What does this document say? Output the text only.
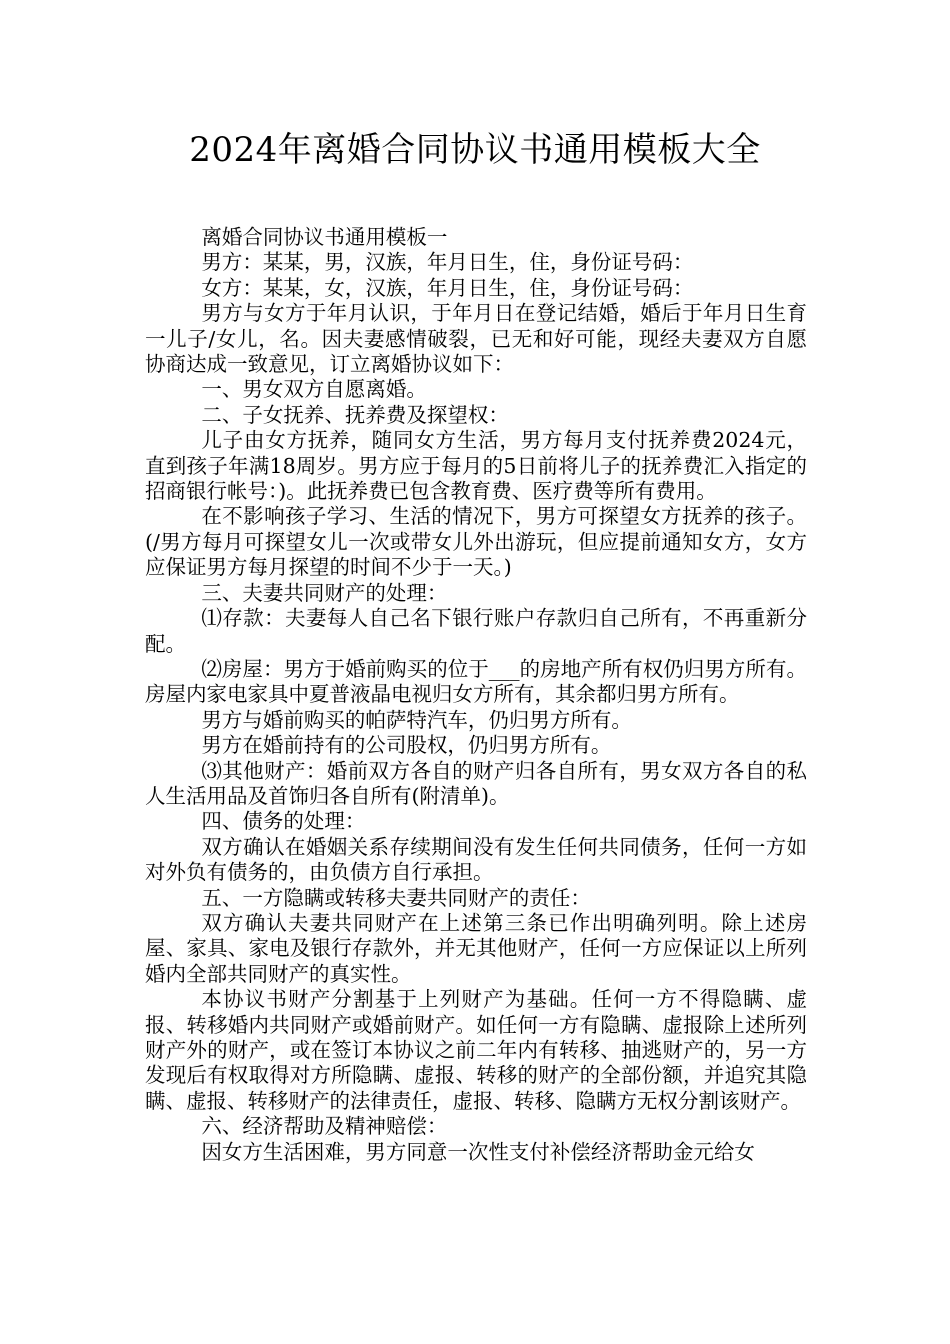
2024年离婚合同协议书通用模板大全

离婚合同协议书通用模板一

男方：某某，男，汉族，年月日生，住，身份证号码：

女方：某某，女，汉族，年月日生，住，身份证号码：

男方与女方于年月认识，于年月日在登记结婚，婚后于年月日生育一儿子/女儿，名。因夫妻感情破裂，已无和好可能，现经夫妻双方自愿协商达成一致意见，订立离婚协议如下：

一、男女双方自愿离婚。

二、子女抚养、抚养费及探望权：

儿子由女方抚养，随同女方生活，男方每月支付抚养费2024元，直到孩子年满18周岁。男方应于每月的5日前将儿子的抚养费汇入指定的招商银行帐号：)。此抚养费已包含教育费、医疗费等所有费用。

在不影响孩子学习、生活的情况下，男方可探望女方抚养的孩子。(/男方每月可探望女儿一次或带女儿外出游玩，但应提前通知女方，女方应保证男方每月探望的时间不少于一天。)

三、夫妻共同财产的处理：

⑴存款：夫妻每人自己名下银行账户存款归自己所有，不再重新分配。

⑵房屋：男方于婚前购买的位于___的房地产所有权仍归男方所有。房屋内家电家具中夏普液晶电视归女方所有，其余都归男方所有。

男方与婚前购买的帕萨特汽车，仍归男方所有。

男方在婚前持有的公司股权，仍归男方所有。

⑶其他财产：婚前双方各自的财产归各自所有，男女双方各自的私人生活用品及首饰归各自所有(附清单)。

四、债务的处理：

双方确认在婚姻关系存续期间没有发生任何共同债务，任何一方如对外负有债务的，由负债方自行承担。

五、一方隐瞒或转移夫妻共同财产的责任：

双方确认夫妻共同财产在上述第三条已作出明确列明。除上述房屋、家具、家电及银行存款外，并无其他财产，任何一方应保证以上所列婚内全部共同财产的真实性。

本协议书财产分割基于上列财产为基础。任何一方不得隐瞒、虚报、转移婚内共同财产或婚前财产。如任何一方有隐瞒、虚报除上述所列财产外的财产，或在签订本协议之前二年内有转移、抽逃财产的，另一方发现后有权取得对方所隐瞒、虚报、转移的财产的全部份额，并追究其隐瞒、虚报、转移财产的法律责任，虚报、转移、隐瞒方无权分割该财产。

六、经济帮助及精神赔偿：

因女方生活困难，男方同意一次性支付补偿经济帮助金元给女
